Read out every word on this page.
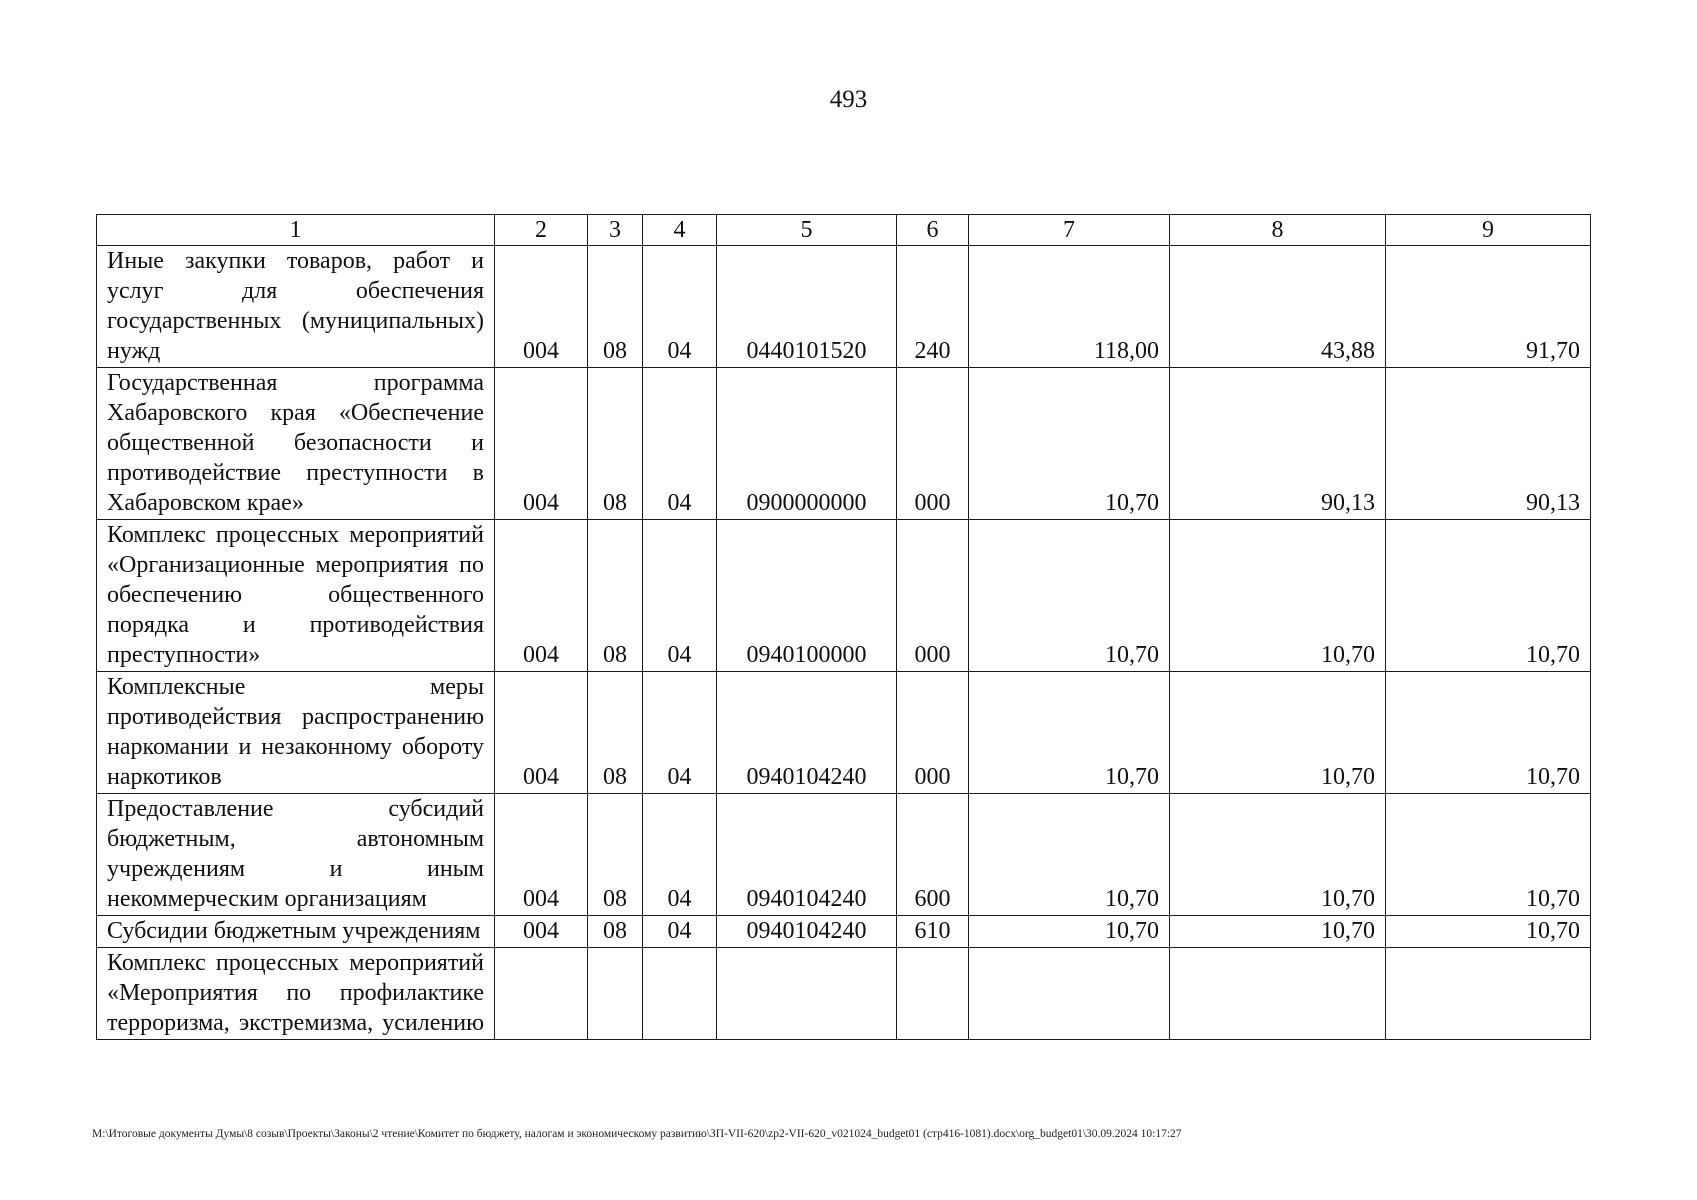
493
1	2	3	4	5	6	7	8	9
Иные закупки товаров, работ и услуг для обеспечения государственных (муниципальных) нужд	004	08	04	0440101520	240	118,00	43,88	91,70
Государственная программа Хабаровского края «Обеспечение общественной безопасности и противодействие преступности в Хабаровском крае»	004	08	04	0900000000	000	10,70	90,13	90,13
Комплекс процессных мероприятий «Организационные мероприятия по обеспечению общественного порядка и противодействия преступности»	004	08	04	0940100000	000	10,70	10,70	10,70
Комплексные меры противодействия распространению наркомании и незаконному обороту наркотиков	004	08	04	0940104240	000	10,70	10,70	10,70
Предоставление субсидий бюджетным, автономным учреждениям и иным некоммерческим организациям	004	08	04	0940104240	600	10,70	10,70	10,70
Субсидии бюджетным учреждениям	004	08	04	0940104240	610	10,70	10,70	10,70
Комплекс процессных мероприятий «Мероприятия по профилактике терроризма, экстремизма, усилению								
М:\Итоговые документы Думы\8 созыв\Проекты\Законы\2 чтение\Комитет по бюджету, налогам и экономическому развитию\ЗП-VII-620\zp2-VII-620_v021024_budget01 (стр416-1081).docx\org_budget01\30.09.2024 10:17:27
